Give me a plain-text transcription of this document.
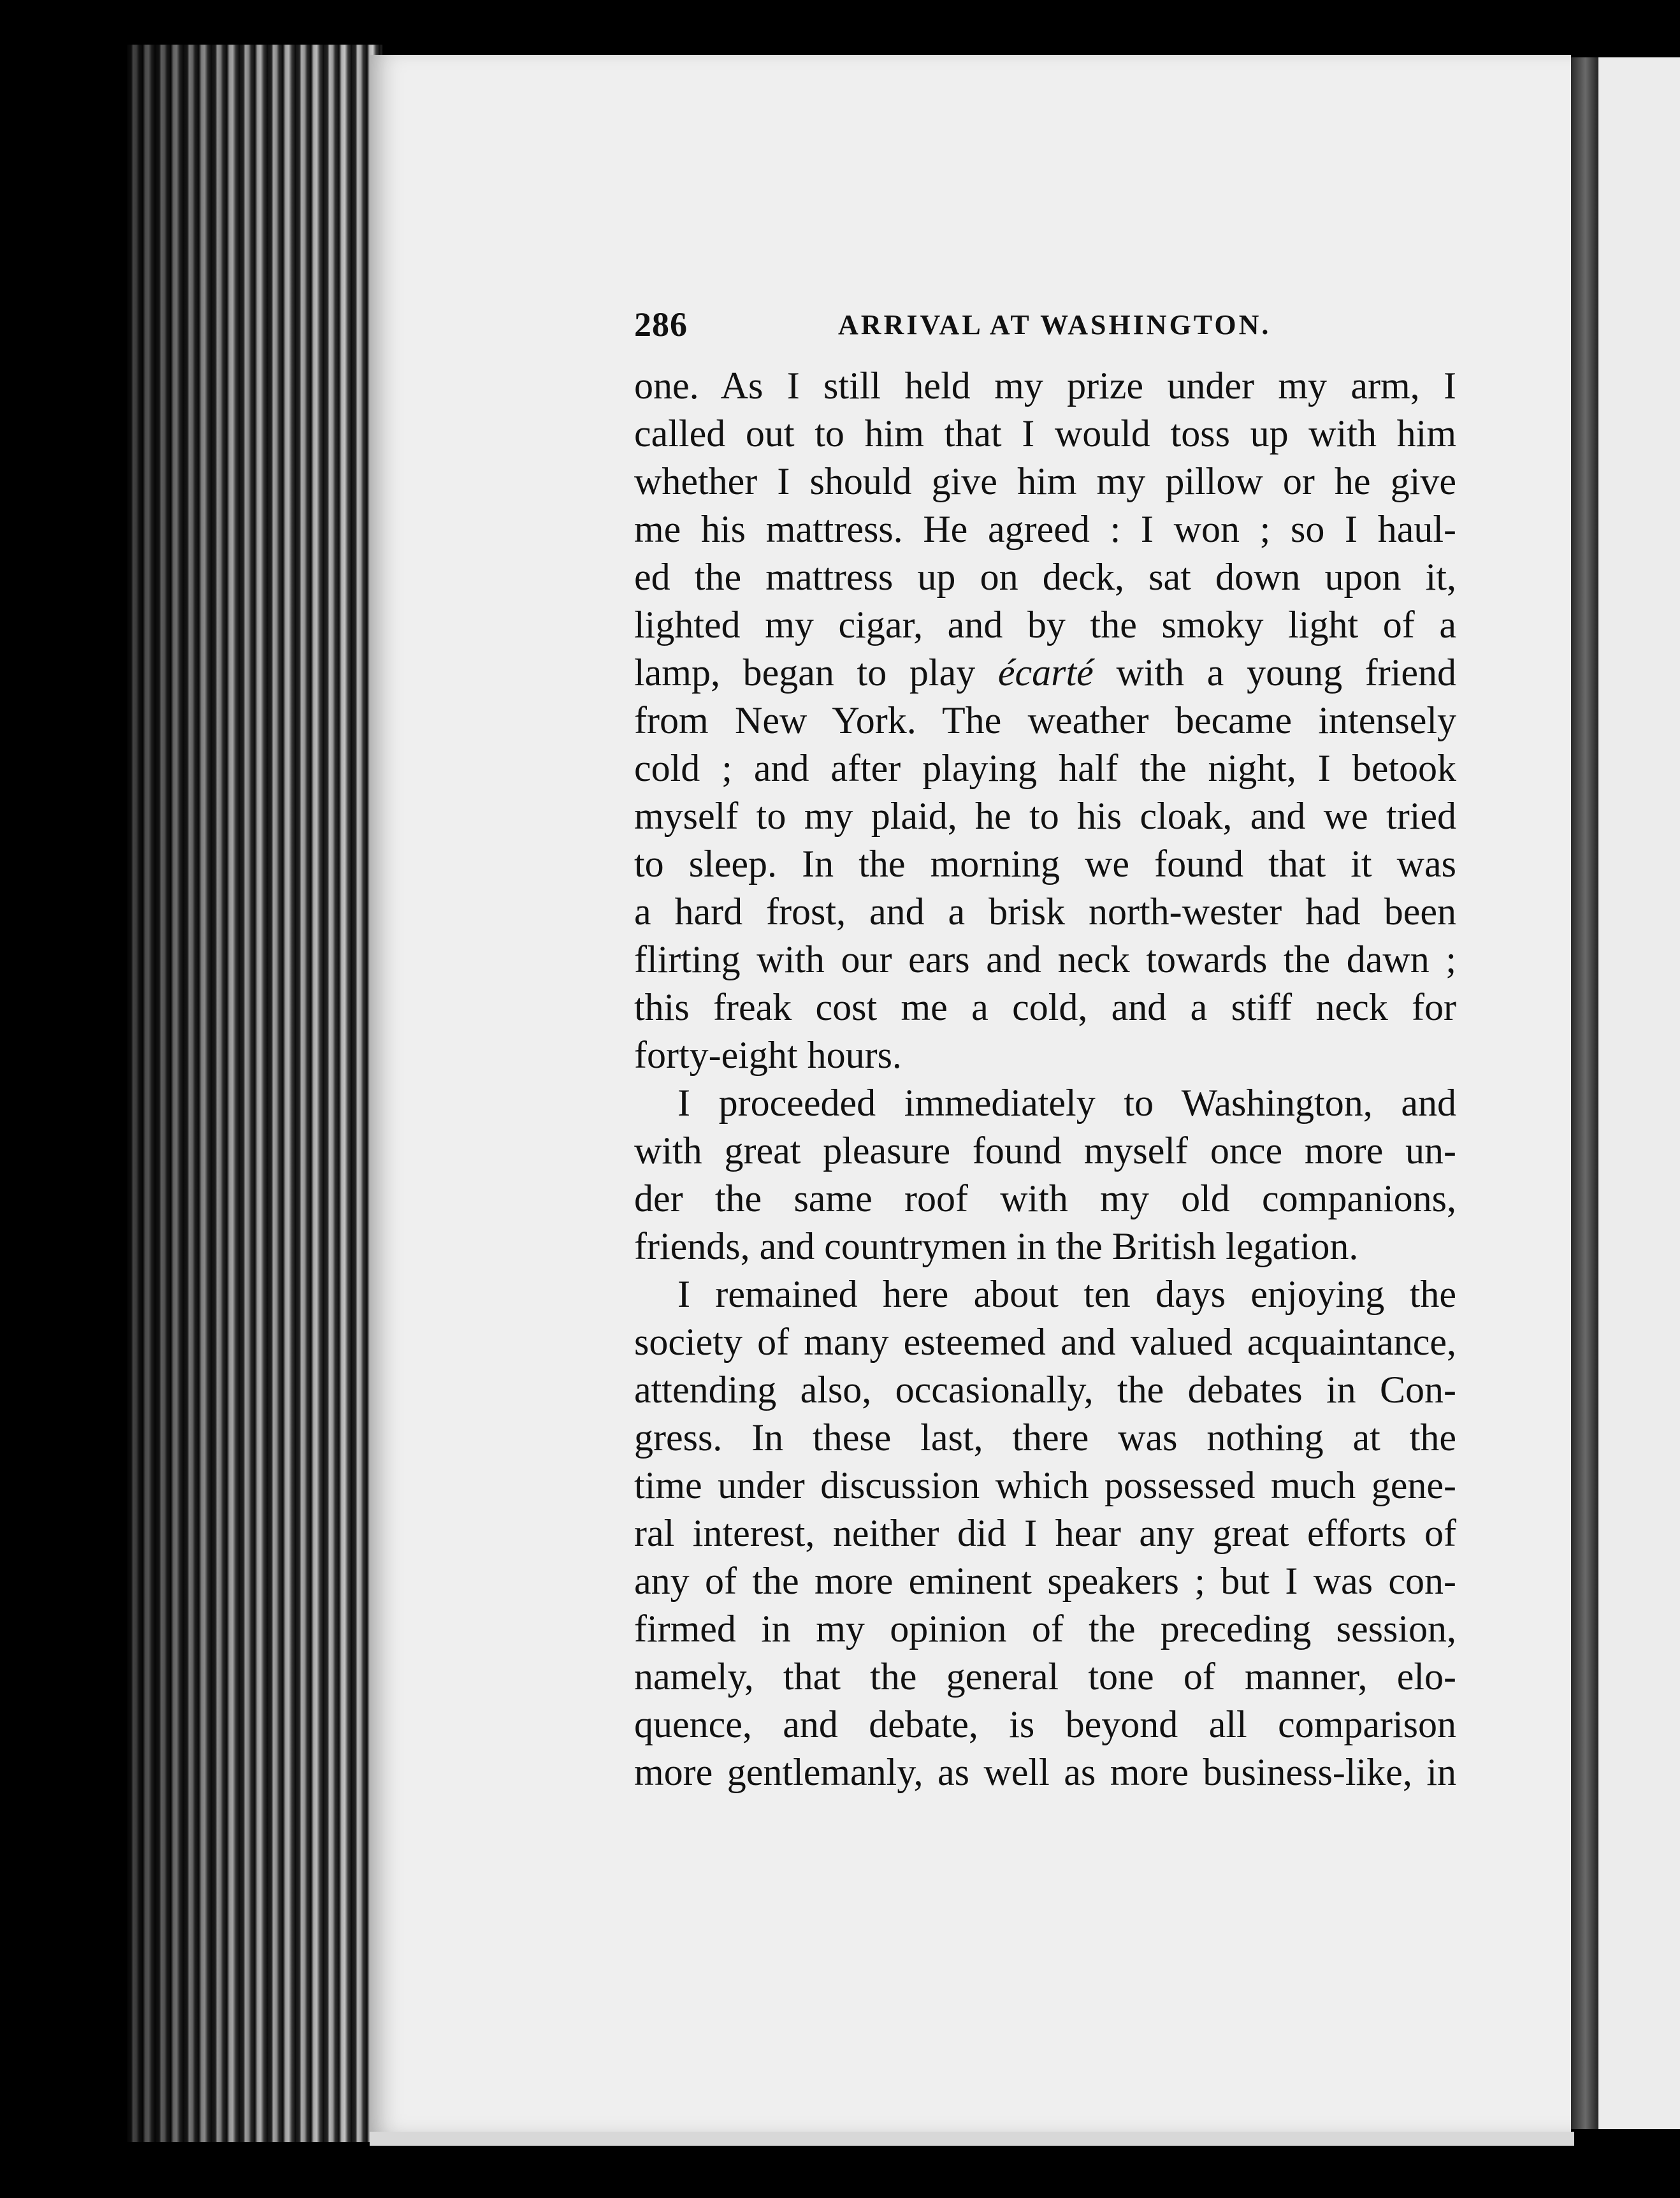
286	ARRIVAL AT WASHINGTON.
one. As I still held my prize under my arm, I
called out to him that I would toss up with him
whether I should give him my pillow or he give
me his mattress. He agreed : I won ; so I haul-
ed the mattress up on deck, sat down upon it,
lighted my cigar, and by the smoky light of a
lamp, began to play écarté with a young friend
from New York. The weather became intensely
cold ; and after playing half the night, I betook
myself to my plaid, he to his cloak, and we tried
to sleep. In the morning we found that it was
a hard frost, and a brisk north-wester had been
flirting with our ears and neck towards the dawn ;
this freak cost me a cold, and a stiff neck for
forty-eight hours.
I proceeded immediately to Washington, and
with great pleasure found myself once more un-
der the same roof with my old companions,
friends, and countrymen in the British legation.
I remained here about ten days enjoying the
society of many esteemed and valued acquaintance,
attending also, occasionally, the debates in Con-
gress. In these last, there was nothing at the
time under discussion which possessed much gene-
ral interest, neither did I hear any great efforts of
any of the more eminent speakers ; but I was con-
firmed in my opinion of the preceding session,
namely, that the general tone of manner, elo-
quence, and debate, is beyond all comparison
more gentlemanly, as well as more business-like, in
